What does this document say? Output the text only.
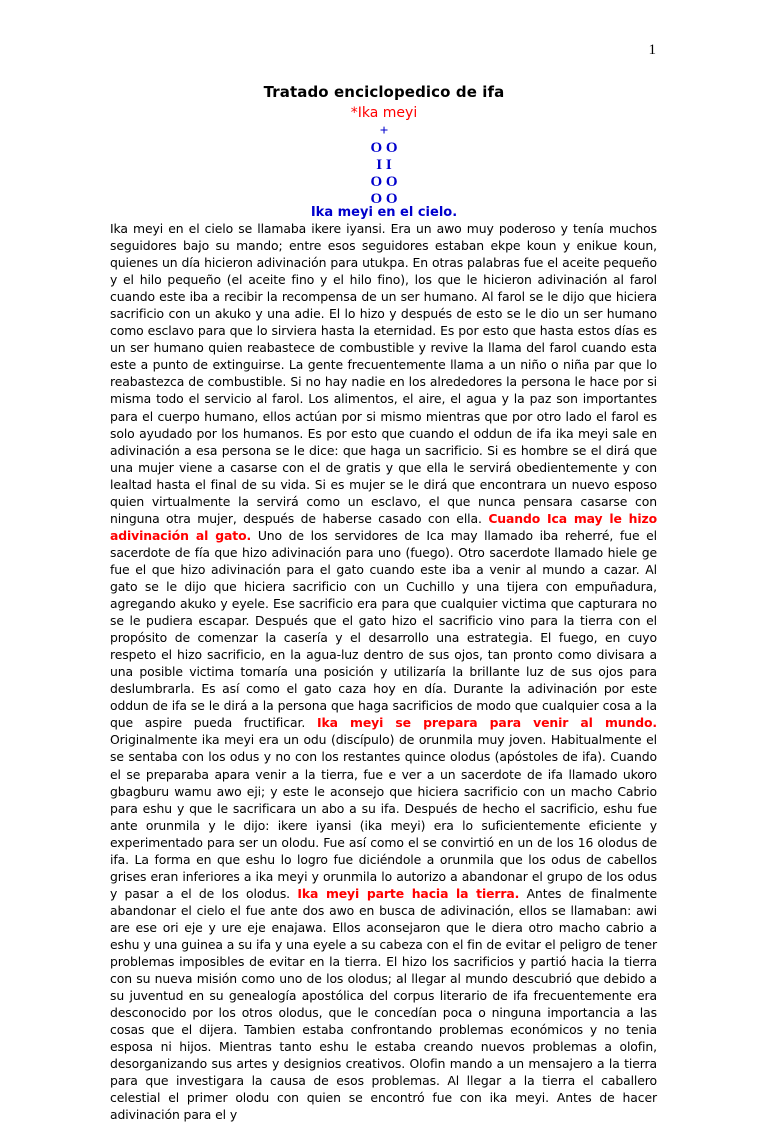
1
Tratado enciclopedico de ifa
*Ika meyi
+
O O
I I
O O
O O
Ika meyi en el cielo.

Ika meyi en el cielo se llamaba ikere iyansi. Era un awo muy poderoso y tenía muchos seguidores bajo su mando; entre esos seguidores estaban ekpe koun y enikue koun, quienes un día hicieron adivinación para utukpa. En otras palabras fue el aceite pequeño y el hilo pequeño (el aceite fino y el hilo fino), los que le hicieron adivinación al farol cuando este iba a recibir la recompensa de un ser humano. Al farol se le dijo que hiciera sacrificio con un akuko y una adie. El lo hizo y después de esto se le dio un ser humano como esclavo para que lo sirviera hasta la eternidad. Es por esto que hasta estos días es un ser humano quien reabastece de combustible y revive la llama del farol cuando esta este a punto de extinguirse. La gente frecuentemente llama a un niño o niña par que lo reabastezca de combustible. Si no hay nadie en los alrededores la persona le hace por si misma todo el servicio al farol. Los alimentos, el aire, el agua y la paz son importantes para el cuerpo humano, ellos actúan por si mismo mientras que por otro lado el farol es solo ayudado por los humanos. Es por esto que cuando el oddun de ifa ika meyi sale en adivinación a esa persona se le dice: que haga un sacrificio. Si es hombre se el dirá que una mujer viene a casarse con el de gratis y que ella le servirá obedientemente y con lealtad hasta el final de su vida. Si es mujer se le dirá que encontrara un nuevo esposo quien virtualmente la servirá como un esclavo, el que nunca pensara casarse con ninguna otra mujer, después de haberse casado con ella. Cuando Ica may le hizo adivinación al gato. Uno de los servidores de Ica may llamado iba reherré, fue el sacerdote de fía que hizo adivinación para uno (fuego). Otro sacerdote llamado hiele ge fue el que hizo adivinación para el gato cuando este iba a venir al mundo a cazar. Al gato se le dijo que hiciera sacrificio con un Cuchillo y una tijera con empuñadura, agregando akuko y eyele. Ese sacrificio era para que cualquier victima que capturara no se le pudiera escapar. Después que el gato hizo el sacrificio vino para la tierra con el propósito de comenzar la casería y el desarrollo una estrategia. El fuego, en cuyo respeto el hizo sacrificio, en la agua-luz dentro de sus ojos, tan pronto como divisara a una posible victima tomaría una posición y utilizaría la brillante luz de sus ojos para deslumbrarla. Es así como el gato caza hoy en día. Durante la adivinación por este oddun de ifa se le dirá a la persona que haga sacrificios de modo que cualquier cosa a la que aspire pueda fructificar. Ika meyi se prepara para venir al mundo. Originalmente ika meyi era un odu (discípulo) de orunmila muy joven. Habitualmente el se sentaba con los odus y no con los restantes quince olodus (apóstoles de ifa). Cuando el se preparaba apara venir a la tierra, fue e ver a un sacerdote de ifa llamado ukoro gbagburu wamu awo eji; y este le aconsejo que hiciera sacrificio con un macho Cabrio para eshu y que le sacrificara un abo a su ifa. Después de hecho el sacrificio, eshu fue ante orunmila y le dijo: ikere iyansi (ika meyi) era lo suficientemente eficiente y experimentado para ser un olodu. Fue así como el se convirtió en un de los 16 olodus de ifa. La forma en que eshu lo logro fue diciéndole a orunmila que los odus de cabellos grises eran inferiores a ika meyi y orunmila lo autorizo a abandonar el grupo de los odus y pasar a el de los olodus. Ika meyi parte hacia la tierra. Antes de finalmente abandonar el cielo el fue ante dos awo en busca de adivinación, ellos se llamaban: awi are ese ori eje y ure eje enajawa. Ellos aconsejaron que le diera otro macho cabrio a eshu y una guinea a su ifa y una eyele a su cabeza con el fin de evitar el peligro de tener problemas imposibles de evitar en la tierra. El hizo los sacrificios y partió hacia la tierra con su nueva misión como uno de los olodus; al llegar al mundo descubrió que debido a su juventud en su genealogía apostólica del corpus literario de ifa frecuentemente era desconocido por los otros olodus, que le concedían poca o ninguna importancia a las cosas que el dijera. Tambien estaba confrontando problemas económicos y no tenia esposa ni hijos. Mientras tanto eshu le estaba creando nuevos problemas a olofin, desorganizando sus artes y designios creativos. Olofin mando a un mensajero a la tierra para que investigara la causa de esos problemas. Al llegar a la tierra el caballero celestial el primer olodu con quien se encontró fue con ika meyi. Antes de hacer adivinación para el y
